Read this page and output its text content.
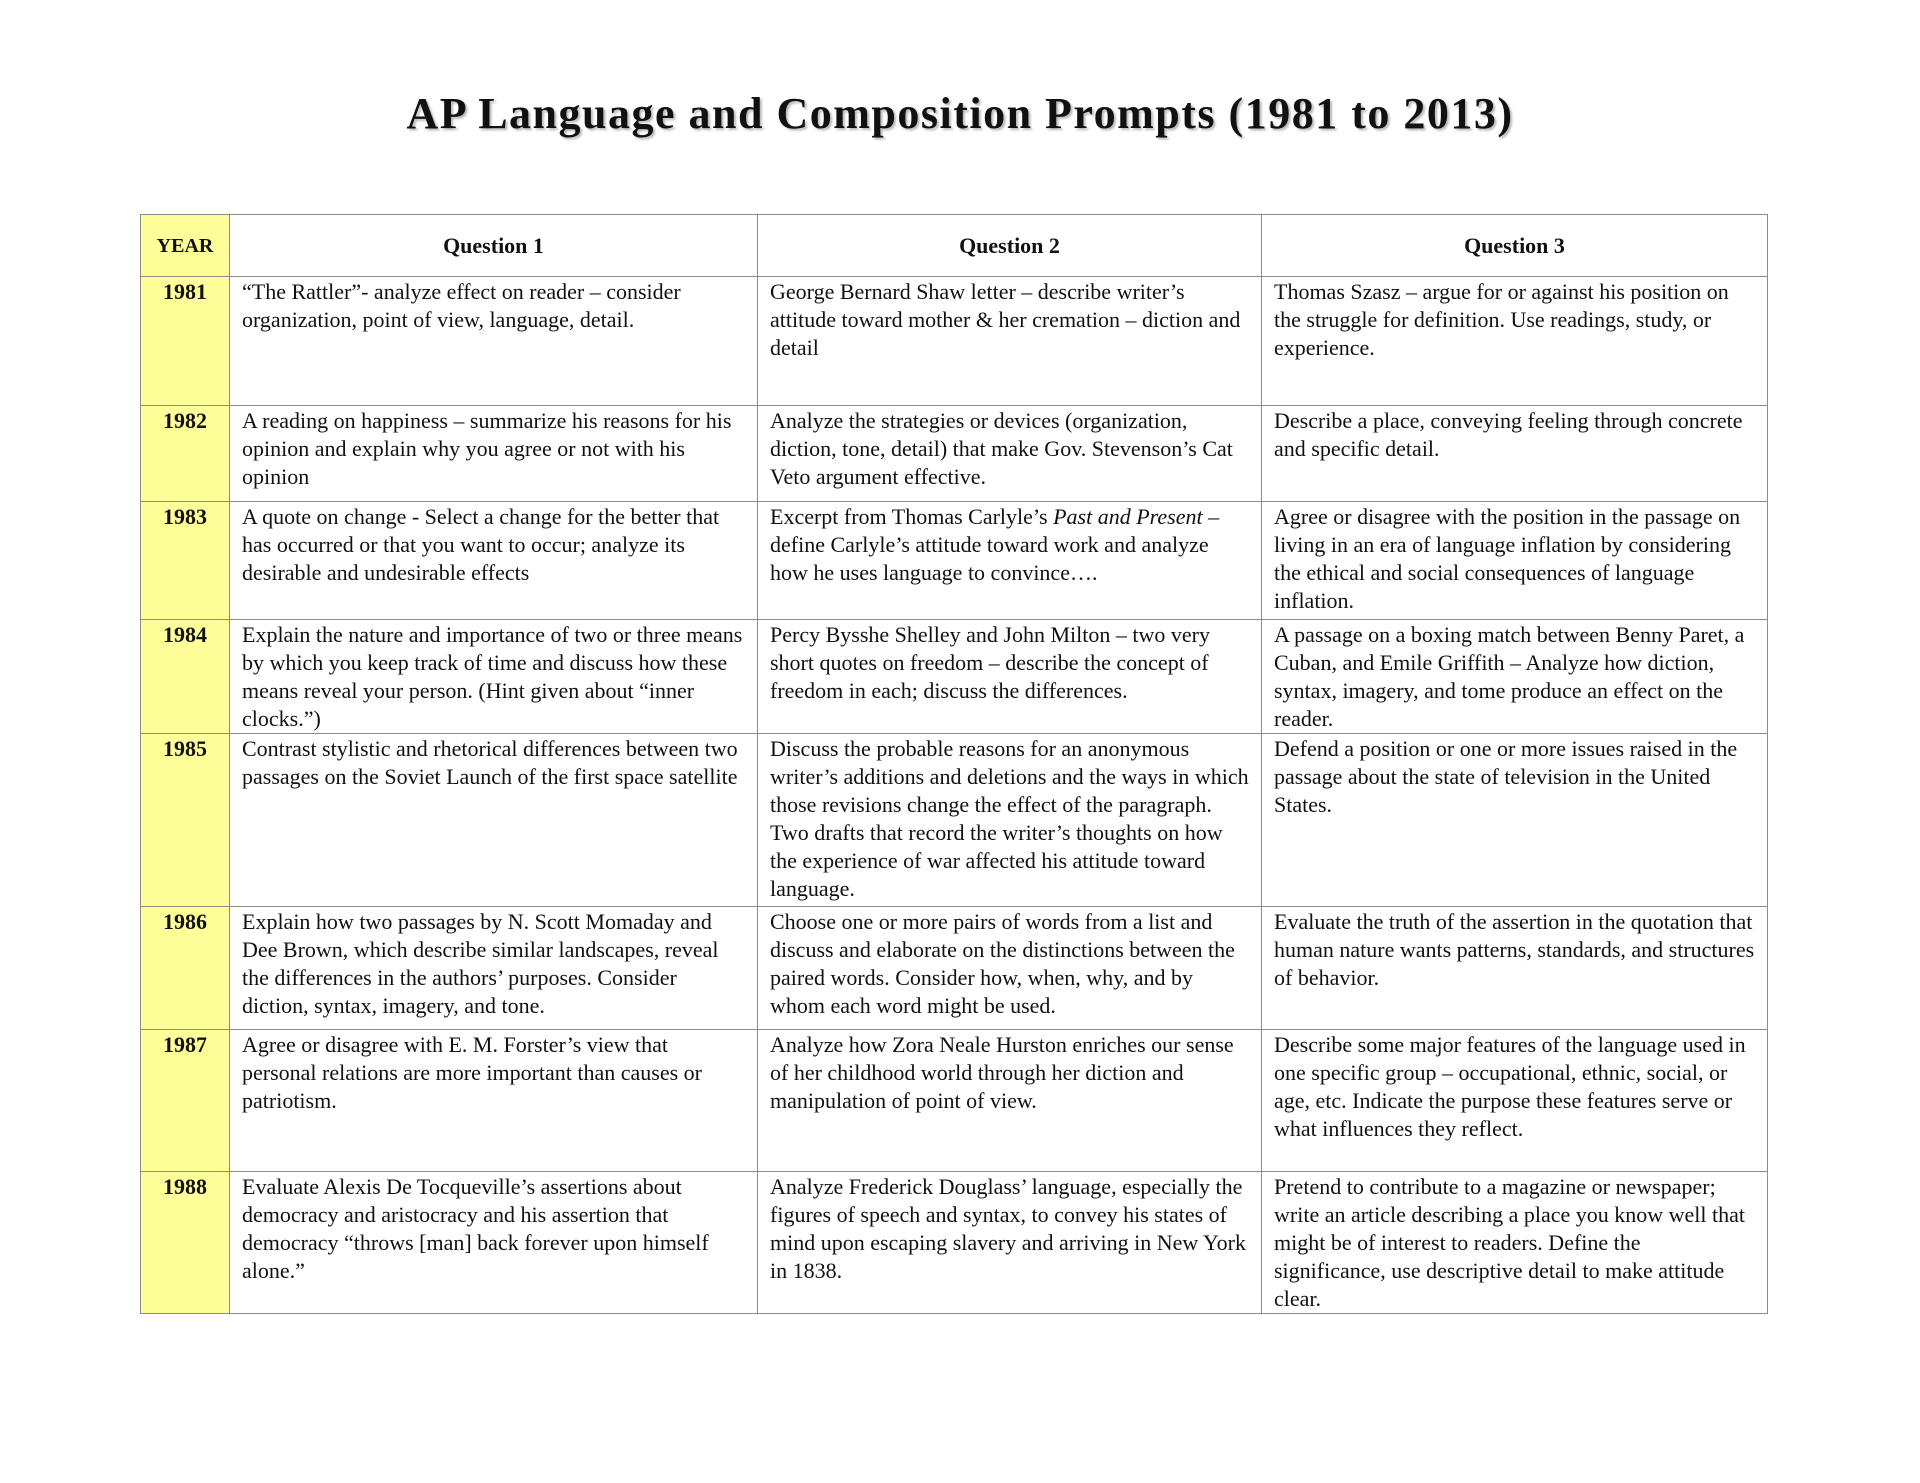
AP Language and Composition Prompts (1981 to 2013)
YEAR	Question 1	Question 2	Question 3
1981	“The Rattler”- analyze effect on reader – consider organization, point of view, language, detail.	George Bernard Shaw letter – describe writer’s attitude toward mother & her cremation – diction and detail	Thomas Szasz – argue for or against his position on the struggle for definition. Use readings, study, or experience.
1982	A reading on happiness – summarize his reasons for his opinion and explain why you agree or not with his opinion	Analyze the strategies or devices (organization, diction, tone, detail) that make Gov. Stevenson’s Cat Veto argument effective.	Describe a place, conveying feeling through concrete and specific detail.
1983	A quote on change - Select a change for the better that has occurred or that you want to occur; analyze its desirable and undesirable effects	Excerpt from Thomas Carlyle’s Past and Present – define Carlyle’s attitude toward work and analyze how he uses language to convince….	Agree or disagree with the position in the passage on living in an era of language inflation by considering the ethical and social consequences of language inflation.
1984	Explain the nature and importance of two or three means by which you keep track of time and discuss how these means reveal your person. (Hint given about “inner clocks.”)	Percy Bysshe Shelley and John Milton – two very short quotes on freedom – describe the concept of freedom in each; discuss the differences.	A passage on a boxing match between Benny Paret, a Cuban, and Emile Griffith – Analyze how diction, syntax, imagery, and tome produce an effect on the reader.
1985	Contrast stylistic and rhetorical differences between two passages on the Soviet Launch of the first space satellite	Discuss the probable reasons for an anonymous writer’s additions and deletions and the ways in which those revisions change the effect of the paragraph. Two drafts that record the writer’s thoughts on how the experience of war affected his attitude toward language.	Defend a position or one or more issues raised in the passage about the state of television in the United States.
1986	Explain how two passages by N. Scott Momaday and Dee Brown, which describe similar landscapes, reveal the differences in the authors’ purposes. Consider diction, syntax, imagery, and tone.	Choose one or more pairs of words from a list and discuss and elaborate on the distinctions between the paired words. Consider how, when, why, and by whom each word might be used.	Evaluate the truth of the assertion in the quotation that human nature wants patterns, standards, and structures of behavior.
1987	Agree or disagree with E. M. Forster’s view that personal relations are more important than causes or patriotism.	Analyze how Zora Neale Hurston enriches our sense of her childhood world through her diction and manipulation of point of view.	Describe some major features of the language used in one specific group – occupational, ethnic, social, or age, etc. Indicate the purpose these features serve or what influences they reflect.
1988	Evaluate Alexis De Tocqueville’s assertions about democracy and aristocracy and his assertion that democracy “throws [man] back forever upon himself alone.”	Analyze Frederick Douglass’ language, especially the figures of speech and syntax, to convey his states of mind upon escaping slavery and arriving in New York in 1838.	Pretend to contribute to a magazine or newspaper; write an article describing a place you know well that might be of interest to readers. Define the significance, use descriptive detail to make attitude clear.
